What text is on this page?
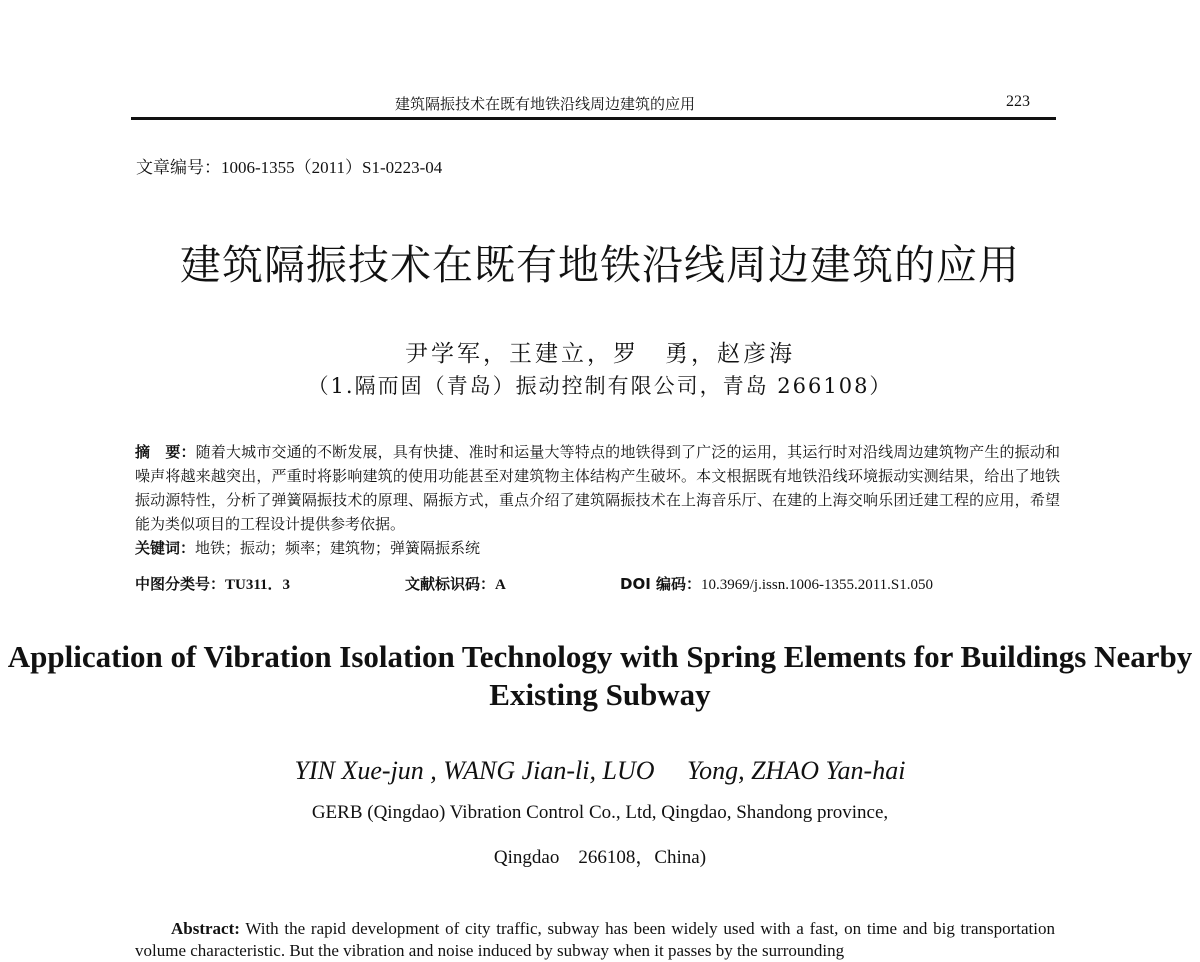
建筑隔振技术在既有地铁沿线周边建筑的应用	223
文章编号：1006-1355（2011）S1-0223-04
建筑隔振技术在既有地铁沿线周边建筑的应用
尹学军，王建立，罗　勇，赵彦海
（1.隔而固（青岛）振动控制有限公司，青岛 266108）
摘　要：随着大城市交通的不断发展，具有快捷、准时和运量大等特点的地铁得到了广泛的运用，其运行时对沿线周边建筑物产生的振动和噪声将越来越突出，严重时将影响建筑的使用功能甚至对建筑物主体结构产生破坏。本文根据既有地铁沿线环境振动实测结果，给出了地铁振动源特性，分析了弹簧隔振技术的原理、隔振方式，重点介绍了建筑隔振技术在上海音乐厅、在建的上海交响乐团迁建工程的应用，希望能为类似项目的工程设计提供参考依据。
关键词：地铁；振动；频率；建筑物；弹簧隔振系统
中图分类号：TU311．3	文献标识码：A	DOI 编码：10.3969/j.issn.1006-1355.2011.S1.050
Application of Vibration Isolation Technology with Spring Elements for Buildings Nearby Existing Subway
YIN Xue-jun , WANG Jian-li, LUO　 Yong, ZHAO Yan-hai
GERB (Qingdao) Vibration Control Co., Ltd, Qingdao, Shandong province,
Qingdao　266108，China)
Abstract: With the rapid development of city traffic, subway has been widely used with a fast, on time and big transportation volume characteristic. But the vibration and noise induced by subway when it passes by the surrounding
